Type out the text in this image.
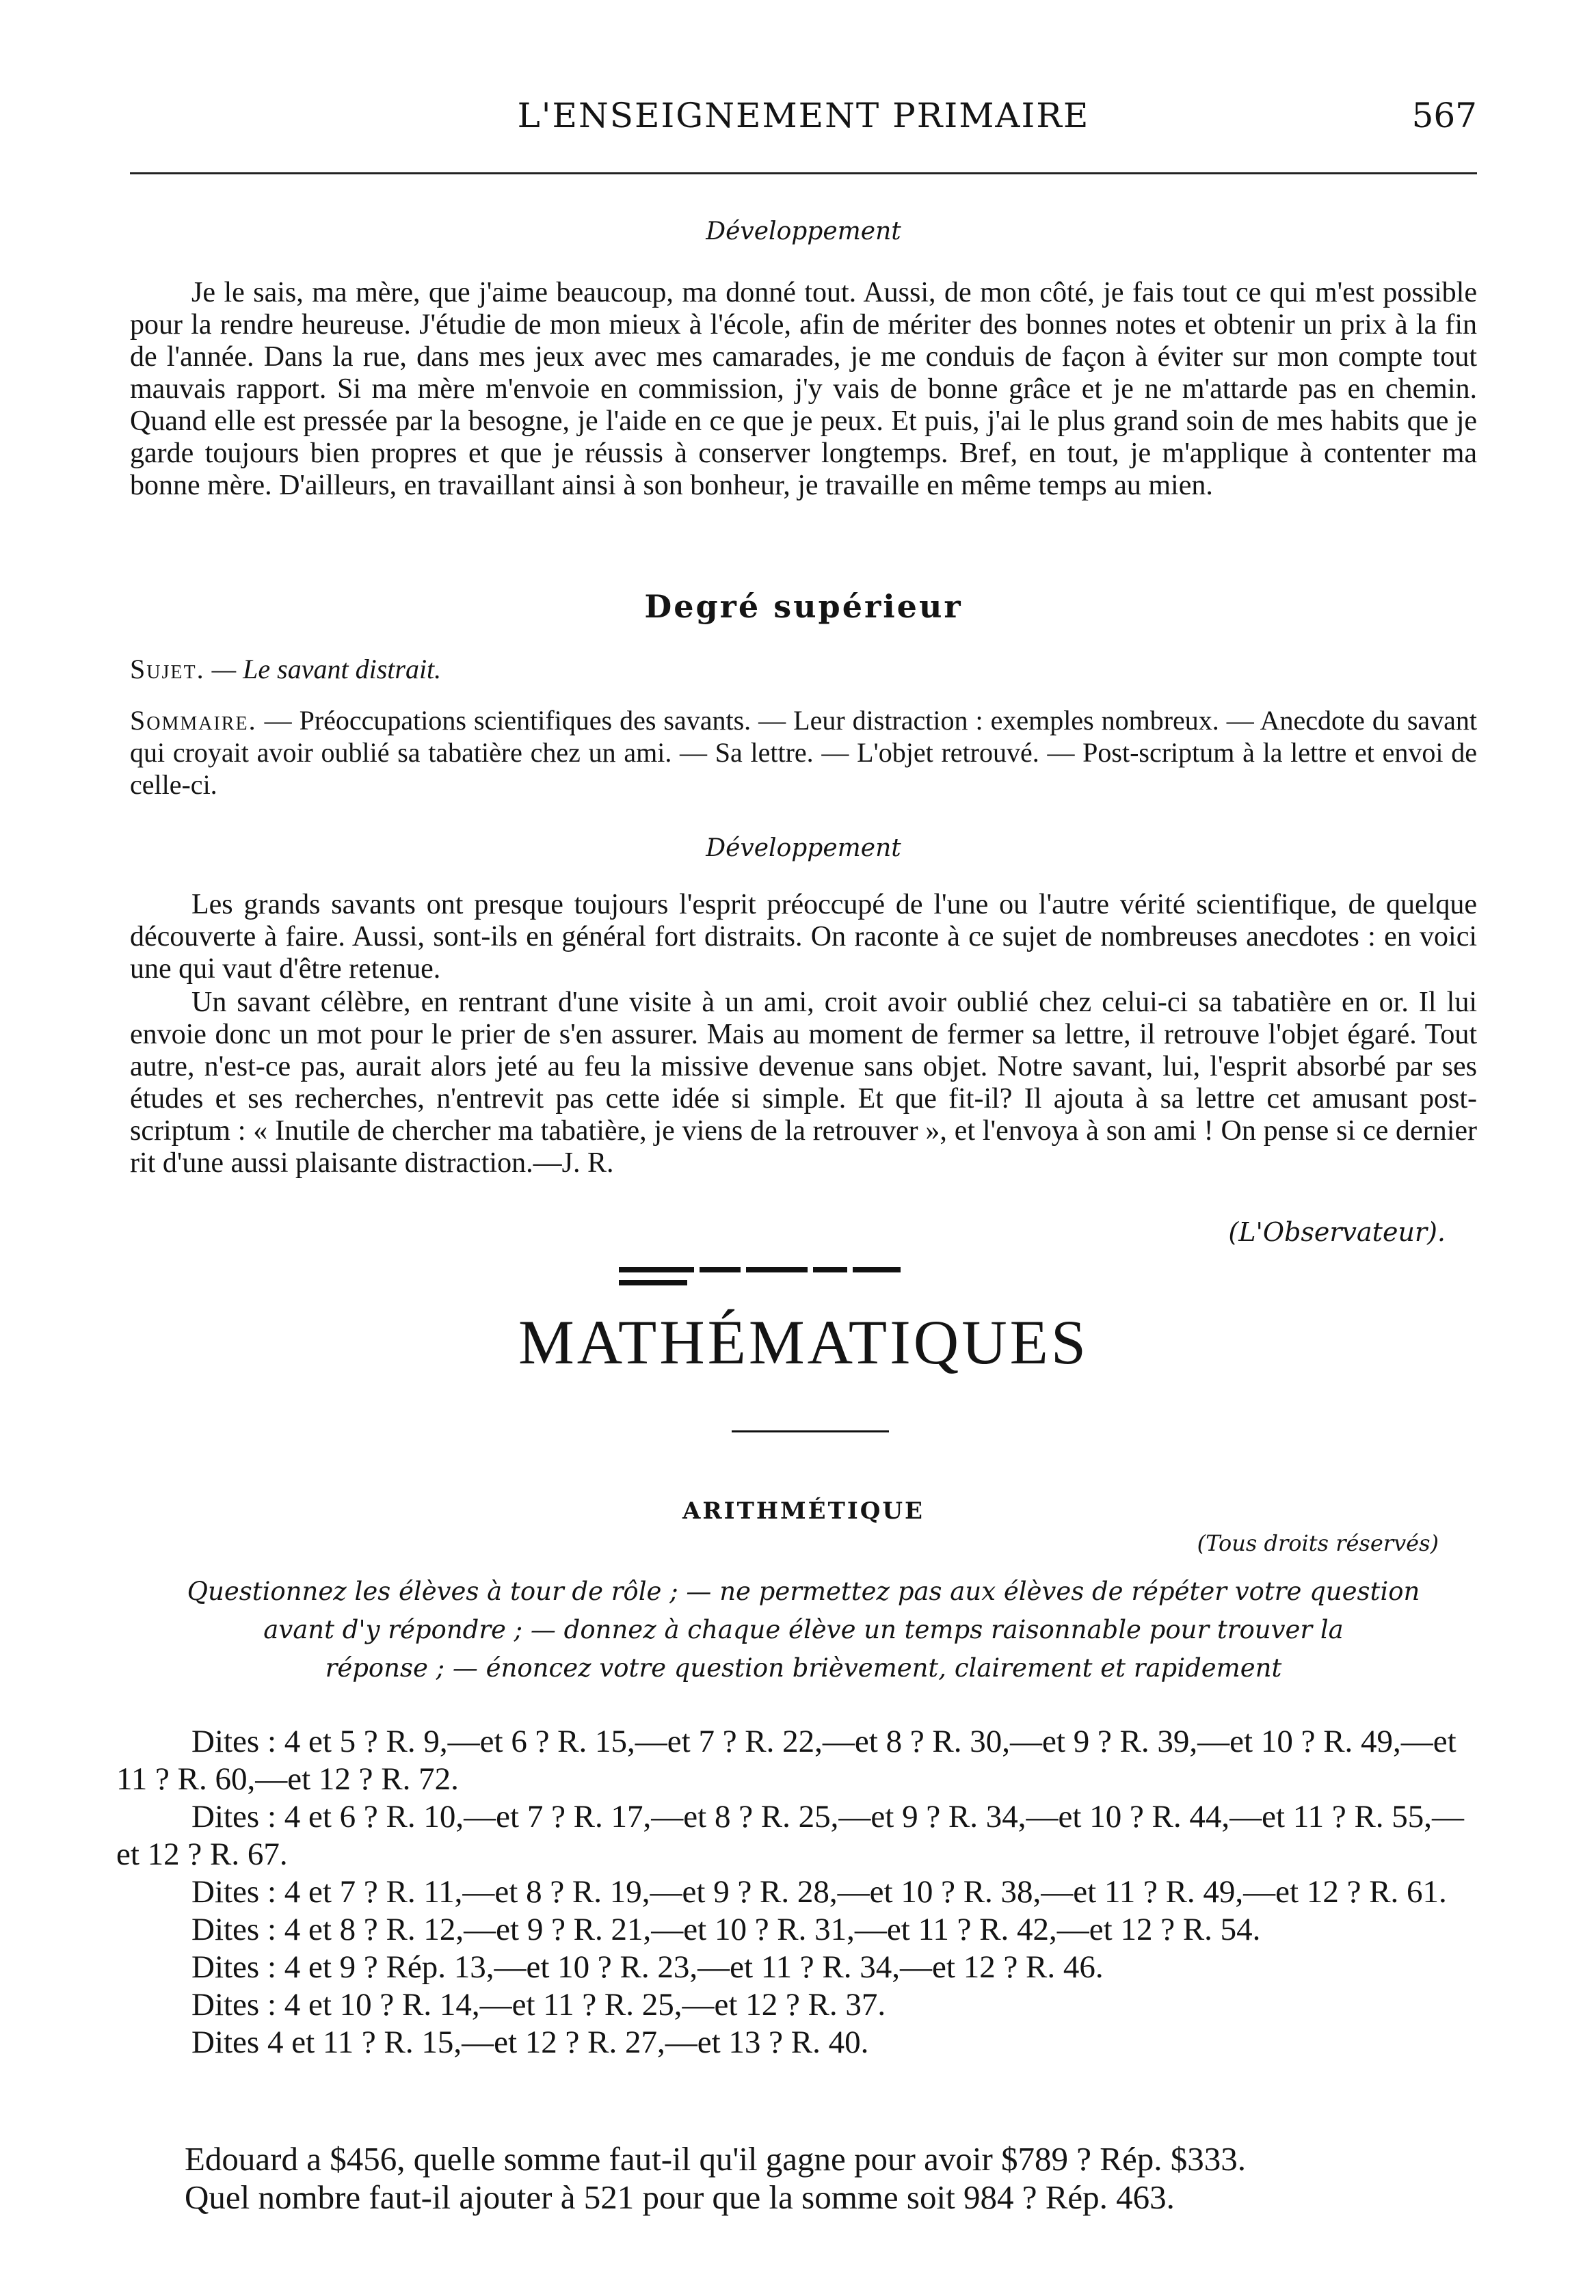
L'ENSEIGNEMENT PRIMAIRE	567
Développement
Je le sais, ma mère, que j'aime beaucoup, ma donné tout. Aussi, de mon côté, je fais tout ce qui m'est possible pour la rendre heureuse. J'étudie de mon mieux à l'école, afin de mériter des bonnes notes et obtenir un prix à la fin de l'année. Dans la rue, dans mes jeux avec mes camarades, je me conduis de façon à éviter sur mon compte tout mauvais rapport. Si ma mère m'envoie en commission, j'y vais de bonne grâce et je ne m'attarde pas en chemin. Quand elle est pressée par la besogne, je l'aide en ce que je peux. Et puis, j'ai le plus grand soin de mes habits que je garde toujours bien propres et que je réussis à conserver longtemps. Bref, en tout, je m'applique à contenter ma bonne mère. D'ailleurs, en travaillant ainsi à son bonheur, je travaille en même temps au mien.
Degré supérieur
Sujet. — Le savant distrait.
Sommaire. — Préoccupations scientifiques des savants. — Leur distraction : exemples nombreux. — Anecdote du savant qui croyait avoir oublié sa tabatière chez un ami. — Sa lettre. — L'objet retrouvé. — Post-scriptum à la lettre et envoi de celle-ci.
Développement
Les grands savants ont presque toujours l'esprit préoccupé de l'une ou l'autre vérité scientifique, de quelque découverte à faire. Aussi, sont-ils en général fort distraits. On raconte à ce sujet de nombreuses anecdotes : en voici une qui vaut d'être retenue.
Un savant célèbre, en rentrant d'une visite à un ami, croit avoir oublié chez celui-ci sa tabatière en or. Il lui envoie donc un mot pour le prier de s'en assurer. Mais au moment de fermer sa lettre, il retrouve l'objet égaré. Tout autre, n'est-ce pas, aurait alors jeté au feu la missive devenue sans objet. Notre savant, lui, l'esprit absorbé par ses études et ses recherches, n'entrevit pas cette idée si simple. Et que fit-il? Il ajouta à sa lettre cet amusant post-scriptum : « Inutile de chercher ma tabatière, je viens de la retrouver », et l'envoya à son ami ! On pense si ce dernier rit d'une aussi plaisante distraction.—J. R.
(L'Observateur).
MATHÉMATIQUES
ARITHMÉTIQUE
(Tous droits réservés)
Questionnez les élèves à tour de rôle ; — ne permettez pas aux élèves de répéter votre question
avant d'y répondre ; — donnez à chaque élève un temps raisonnable pour trouver la
réponse ; — énoncez votre question brièvement, clairement et rapidement
Dites : 4 et 5 ? R. 9,—et 6 ? R. 15,—et 7 ? R. 22,—et 8 ? R. 30,—et 9 ? R. 39,—et 10 ? R. 49,—et 11 ? R. 60,—et 12 ? R. 72.
Dites : 4 et 6 ? R. 10,—et 7 ? R. 17,—et 8 ? R. 25,—et 9 ? R. 34,—et 10 ? R. 44,—et 11 ? R. 55,—et 12 ? R. 67.
Dites : 4 et 7 ? R. 11,—et 8 ? R. 19,—et 9 ? R. 28,—et 10 ? R. 38,—et 11 ? R. 49,—et 12 ? R. 61.
Dites : 4 et 8 ? R. 12,—et 9 ? R. 21,—et 10 ? R. 31,—et 11 ? R. 42,—et 12 ? R. 54.
Dites : 4 et 9 ? Rép. 13,—et 10 ? R. 23,—et 11 ? R. 34,—et 12 ? R. 46.
Dites : 4 et 10 ? R. 14,—et 11 ? R. 25,—et 12 ? R. 37.
Dites 4 et 11 ? R. 15,—et 12 ? R. 27,—et 13 ? R. 40.
Edouard a $456, quelle somme faut-il qu'il gagne pour avoir $789 ? Rép. $333.
Quel nombre faut-il ajouter à 521 pour que la somme soit 984 ? Rép. 463.
